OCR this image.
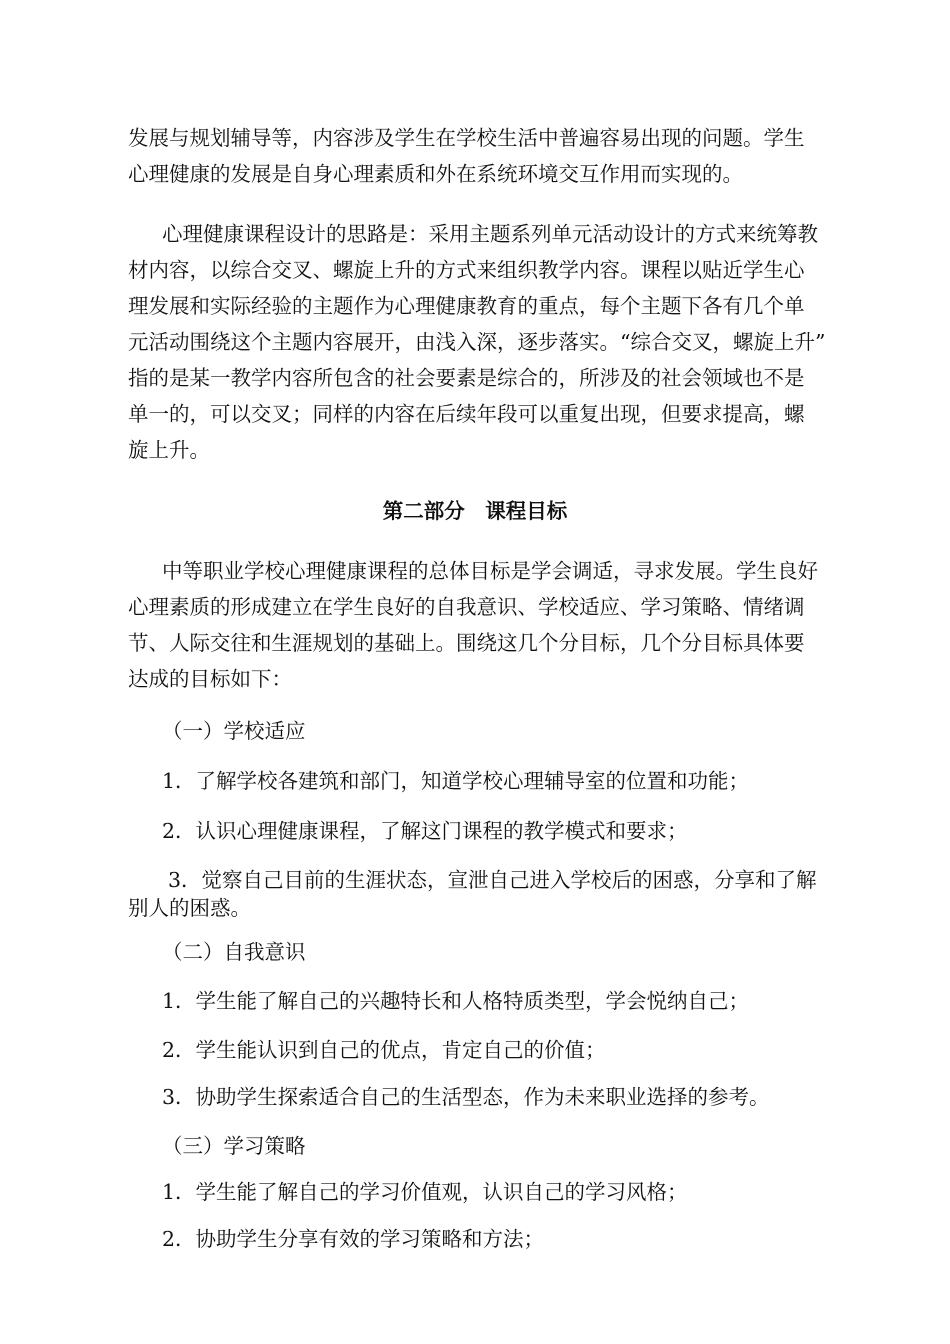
发展与规划辅导等，内容涉及学生在学校生活中普遍容易出现的问题。学生
心理健康的发展是自身心理素质和外在系统环境交互作用而实现的。
心理健康课程设计的思路是：采用主题系列单元活动设计的方式来统筹教
材内容，以综合交叉、螺旋上升的方式来组织教学内容。课程以贴近学生心
理发展和实际经验的主题作为心理健康教育的重点，每个主题下各有几个单
元活动围绕这个主题内容展开，由浅入深，逐步落实。“综合交叉，螺旋上升”
指的是某一教学内容所包含的社会要素是综合的，所涉及的社会领域也不是
单一的，可以交叉；同样的内容在后续年段可以重复出现，但要求提高，螺
旋上升。
第二部分　课程目标
中等职业学校心理健康课程的总体目标是学会调适，寻求发展。学生良好
心理素质的形成建立在学生良好的自我意识、学校适应、学习策略、情绪调
节、人际交往和生涯规划的基础上。围绕这几个分目标，几个分目标具体要
达成的目标如下：
（一）学校适应
1．了解学校各建筑和部门，知道学校心理辅导室的位置和功能；
2．认识心理健康课程，了解这门课程的教学模式和要求；
3．觉察自己目前的生涯状态，宣泄自己进入学校后的困惑，分享和了解
别人的困惑。
（二）自我意识
1．学生能了解自己的兴趣特长和人格特质类型，学会悦纳自己；
2．学生能认识到自己的优点，肯定自己的价值；
3．协助学生探索适合自己的生活型态，作为未来职业选择的参考。
（三）学习策略
1．学生能了解自己的学习价值观，认识自己的学习风格；
2．协助学生分享有效的学习策略和方法；
